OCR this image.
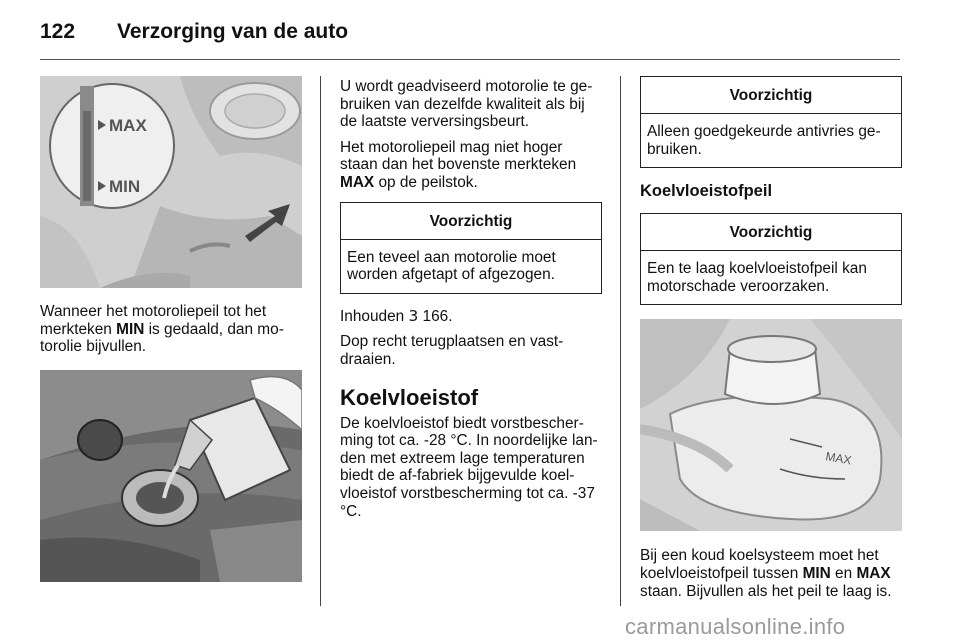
122 Verzorging van de auto
MAX
MIN

Wanneer het motoroliepeil tot het merkteken MIN is gedaald, dan motorolie bijvullen.

U wordt geadviseerd motorolie te gebruiken van dezelfde kwaliteit als bij de laatste verversingsbeurt.

Het motoroliepeil mag niet hoger staan dan het bovenste merkteken MAX op de peilstok.

Voorzichtig
Een teveel aan motorolie moet worden afgetapt of afgezogen.

Inhouden 3 166.

Dop recht terugplaatsen en vastdraaien.

Koelvloeistof

De koelvloeistof biedt vorstbescherming tot ca. -28 °C. In noordelijke landen met extreem lage temperaturen biedt de af-fabriek bijgevulde koelvloeistof vorstbescherming tot ca. -37 °C.

Voorzichtig
Alleen goedgekeurde antivries gebruiken.
Koelvloeistofpeil
Voorzichtig
Een te laag koelvloeistofpeil kan motorschade veroorzaken.
MAX

Bij een koud koelsysteem moet het koelvloeistofpeil tussen MIN en MAX staan. Bijvullen als het peil te laag is.

carmanualsonline.info
